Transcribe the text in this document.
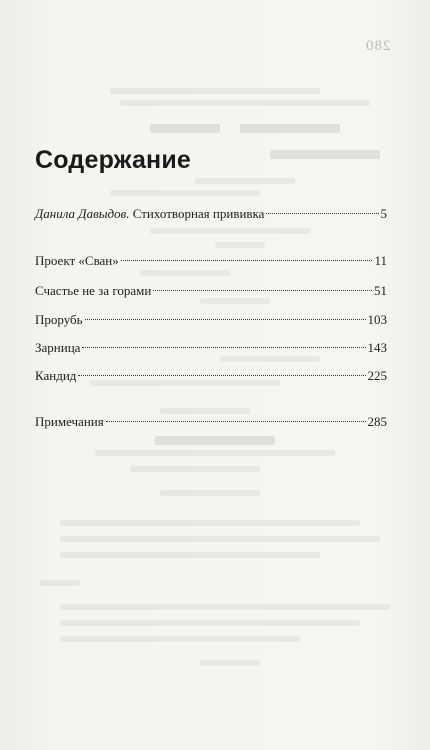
280
Содержание
Данила Давыдов. Стихотворная прививка	5
Проект «Сван»	11
Счастье не за горами	51
Прорубь	103
Зарница	143
Кандид	225
Примечания	285
